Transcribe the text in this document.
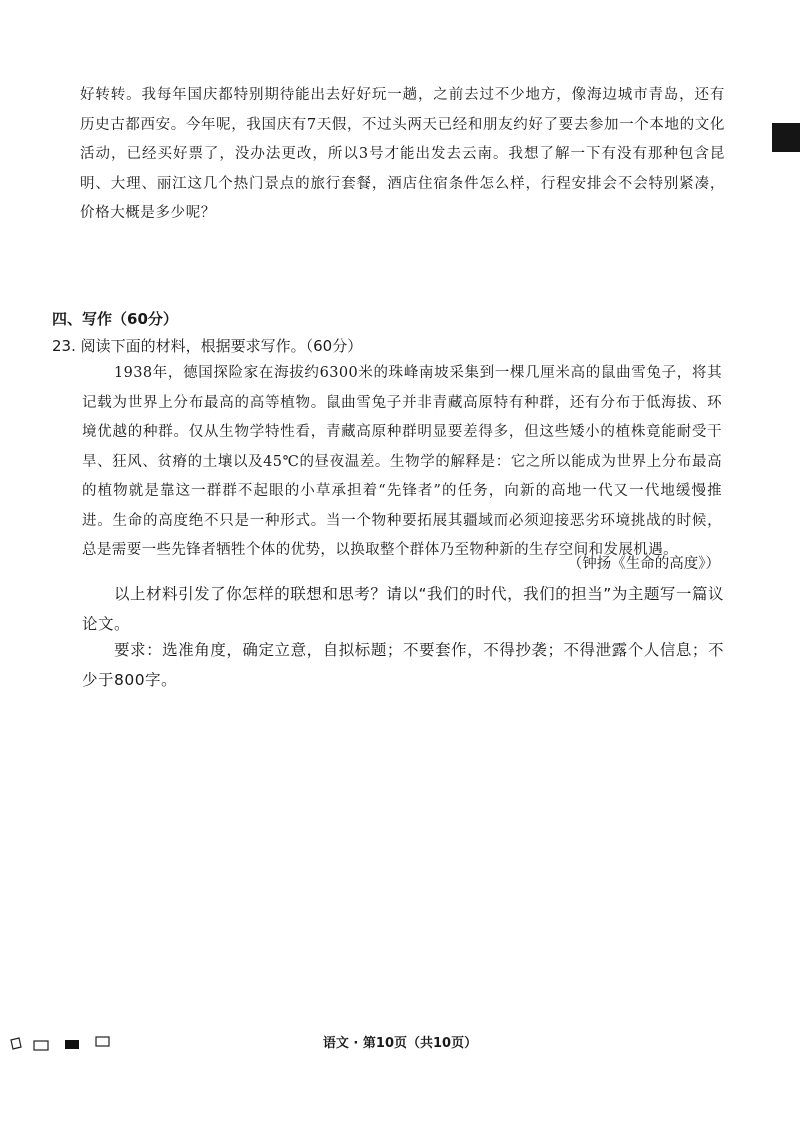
好转转。我每年国庆都特别期待能出去好好玩一趟，之前去过不少地方，像海边城市青岛，还有历史古都西安。今年呢，我国庆有7天假，不过头两天已经和朋友约好了要去参加一个本地的文化活动，已经买好票了，没办法更改，所以3号才能出发去云南。我想了解一下有没有那种包含昆明、大理、丽江这几个热门景点的旅行套餐，酒店住宿条件怎么样，行程安排会不会特别紧凑，价格大概是多少呢？

四、写作（60分）

23. 阅读下面的材料，根据要求写作。（60分）

1938年，德国探险家在海拔约6300米的珠峰南坡采集到一棵几厘米高的鼠曲雪兔子，将其记载为世界上分布最高的高等植物。鼠曲雪兔子并非青藏高原特有种群，还有分布于低海拔、环境优越的种群。仅从生物学特性看，青藏高原种群明显要差得多，但这些矮小的植株竟能耐受干旱、狂风、贫瘠的土壤以及45℃的昼夜温差。生物学的解释是：它之所以能成为世界上分布最高的植物就是靠这一群群不起眼的小草承担着“先锋者”的任务，向新的高地一代又一代地缓慢推进。生命的高度绝不只是一种形式。当一个物种要拓展其疆域而必须迎接恶劣环境挑战的时候，总是需要一些先锋者牺牲个体的优势，以换取整个群体乃至物种新的生存空间和发展机遇。

（钟扬《生命的高度》）

以上材料引发了你怎样的联想和思考？请以“我们的时代，我们的担当”为主题写一篇议论文。

要求：选准角度，确定立意，自拟标题；不要套作，不得抄袭；不得泄露个人信息；不少于800字。

语文 · 第10页（共10页）
